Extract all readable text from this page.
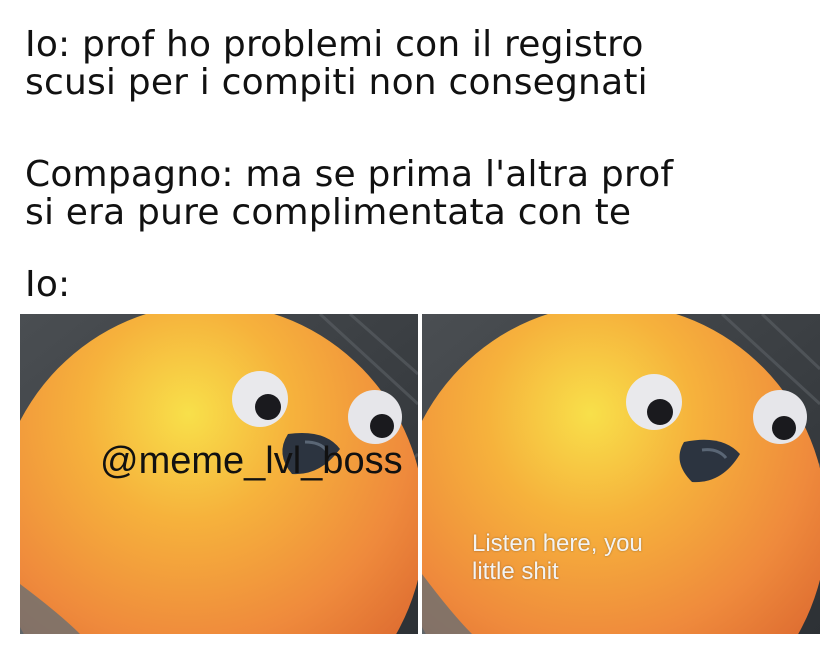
Io: prof ho problemi con il registro
scusi per i compiti non consegnati
Compagno: ma se prima l'altra prof
si era pure complimentata con te
Io:
@meme_lvl_boss
Listen here, you
little shit
